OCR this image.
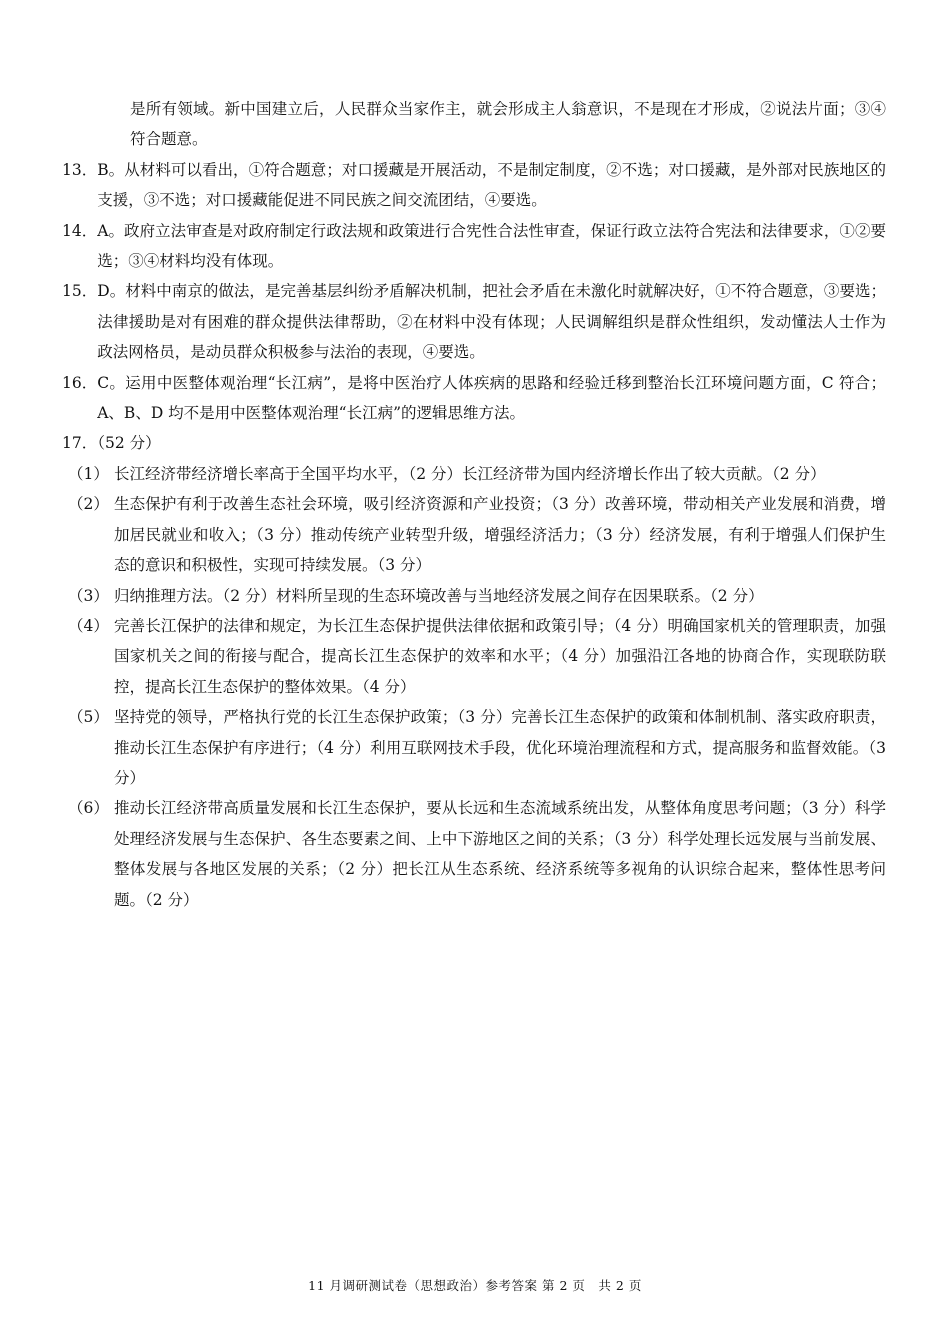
是所有领域。新中国建立后，人民群众当家作主，就会形成主人翁意识，不是现在才形成，②说法片面；③④符合题意。
13． B。从材料可以看出，①符合题意；对口援藏是开展活动，不是制定制度，②不选；对口援藏，是外部对民族地区的支援，③不选；对口援藏能促进不同民族之间交流团结，④要选。
14． A。政府立法审查是对政府制定行政法规和政策进行合宪性合法性审查，保证行政立法符合宪法和法律要求，①②要选；③④材料均没有体现。
15． D。材料中南京的做法，是完善基层纠纷矛盾解决机制，把社会矛盾在未激化时就解决好，①不符合题意，③要选；法律援助是对有困难的群众提供法律帮助，②在材料中没有体现；人民调解组织是群众性组织，发动懂法人士作为政法网格员，是动员群众积极参与法治的表现，④要选。
16． C。运用中医整体观治理“长江病”，是将中医治疗人体疾病的思路和经验迁移到整治长江环境问题方面，C 符合；A、B、D 均不是用中医整体观治理“长江病”的逻辑思维方法。
17．（52 分）
（1） 长江经济带经济增长率高于全国平均水平，（2 分）长江经济带为国内经济增长作出了较大贡献。（2 分）
（2） 生态保护有利于改善生态社会环境，吸引经济资源和产业投资；（3 分）改善环境，带动相关产业发展和消费，增加居民就业和收入；（3 分）推动传统产业转型升级，增强经济活力；（3 分）经济发展，有利于增强人们保护生态的意识和积极性，实现可持续发展。（3 分）
（3） 归纳推理方法。（2 分）材料所呈现的生态环境改善与当地经济发展之间存在因果联系。（2 分）
（4） 完善长江保护的法律和规定，为长江生态保护提供法律依据和政策引导；（4 分）明确国家机关的管理职责，加强国家机关之间的衔接与配合，提高长江生态保护的效率和水平；（4 分）加强沿江各地的协商合作，实现联防联控，提高长江生态保护的整体效果。（4 分）
（5） 坚持党的领导，严格执行党的长江生态保护政策；（3 分）完善长江生态保护的政策和体制机制、落实政府职责，推动长江生态保护有序进行；（4 分）利用互联网技术手段，优化环境治理流程和方式，提高服务和监督效能。（3 分）
（6） 推动长江经济带高质量发展和长江生态保护，要从长远和生态流域系统出发，从整体角度思考问题；（3 分）科学处理经济发展与生态保护、各生态要素之间、上中下游地区之间的关系；（3 分）科学处理长远发展与当前发展、整体发展与各地区发展的关系；（2 分）把长江从生态系统、经济系统等多视角的认识综合起来，整体性思考问题。（2 分）
11 月调研测试卷（思想政治）参考答案 第 2 页　共 2 页
